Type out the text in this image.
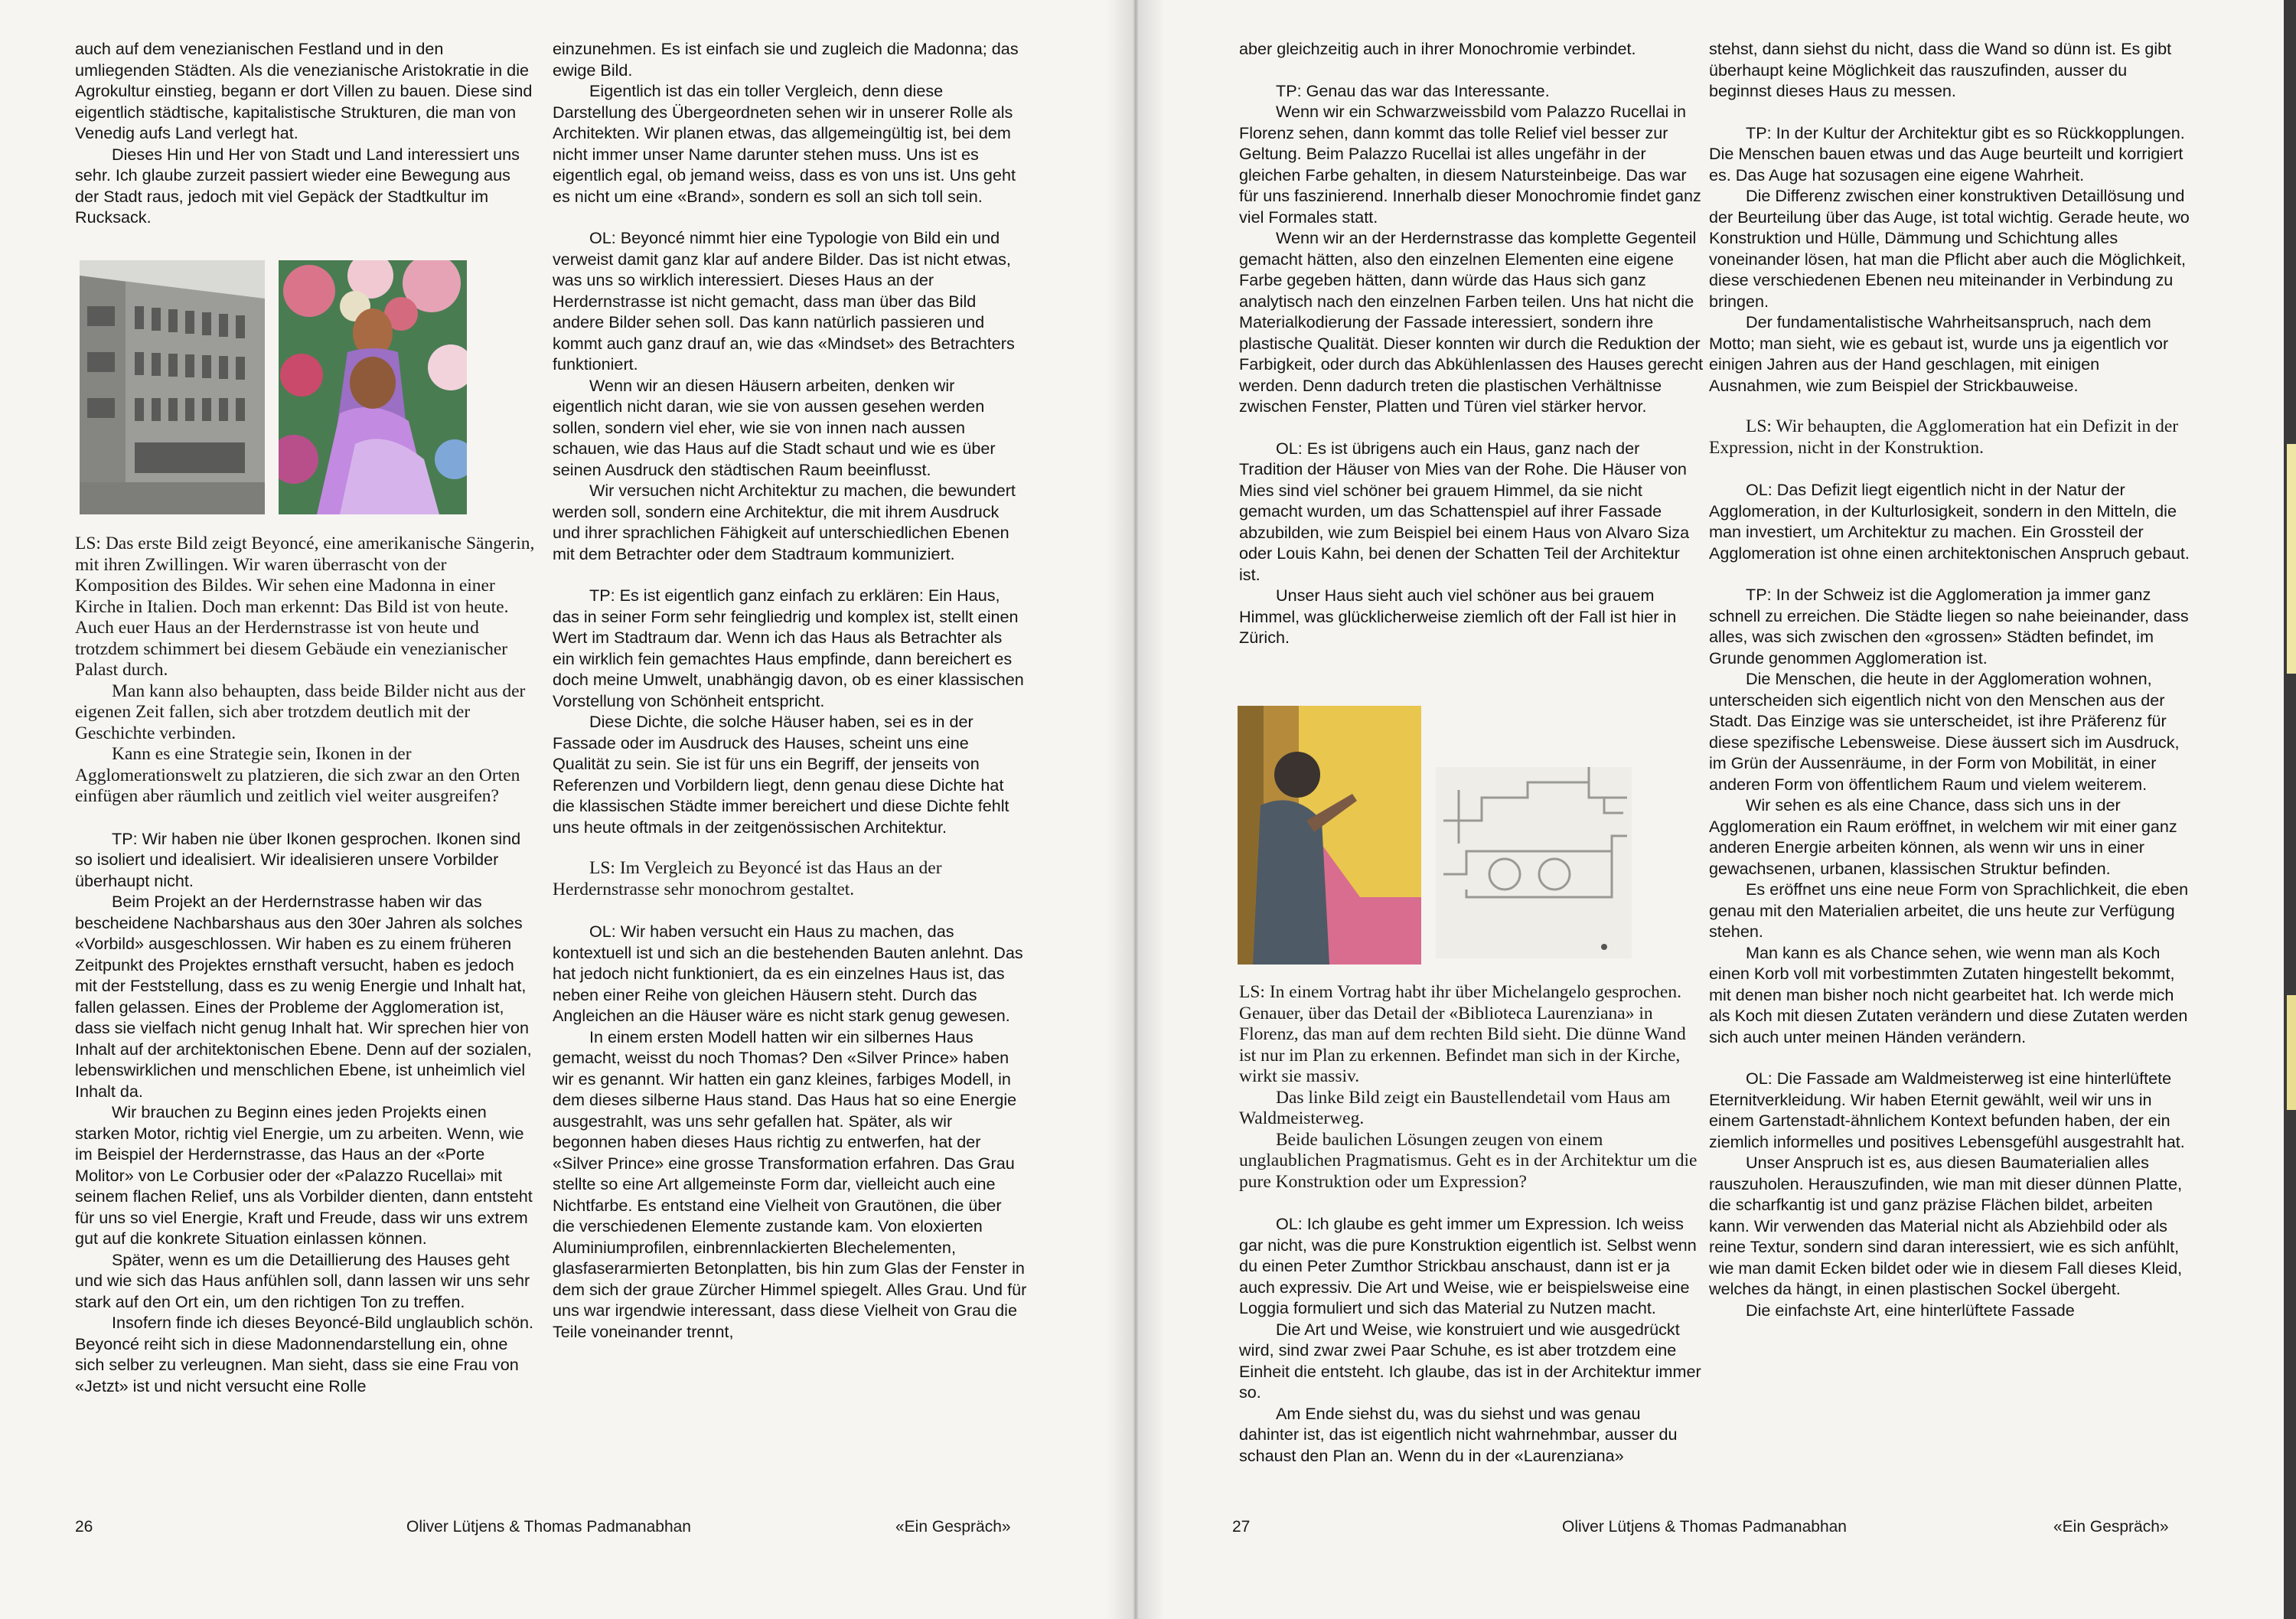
auch auf dem venezianischen Festland und in den umliegenden Städten. Als die venezianische Aristokratie in die Agrokultur einstieg, begann er dort Villen zu bauen. Diese sind eigentlich städtische, kapitalistische Strukturen, die man von Venedig aufs Land verlegt hat.

Dieses Hin und Her von Stadt und Land interessiert uns sehr. Ich glaube zurzeit passiert wieder eine Bewegung aus der Stadt raus, jedoch mit viel Gepäck der Stadtkultur im Rucksack.

LS: Das erste Bild zeigt Beyoncé, eine amerikanische Sängerin, mit ihren Zwillingen. Wir waren überrascht von der Komposition des Bildes. Wir sehen eine Madonna in einer Kirche in Italien. Doch man erkennt: Das Bild ist von heute. Auch euer Haus an der Herdernstrasse ist von heute und trotzdem schimmert bei diesem Gebäude ein venezianischer Palast durch.

Man kann also behaupten, dass beide Bilder nicht aus der eigenen Zeit fallen, sich aber trotzdem deutlich mit der Geschichte verbinden.

Kann es eine Strategie sein, Ikonen in der Agglomerationswelt zu platzieren, die sich zwar an den Orten einfügen aber räumlich und zeitlich viel weiter ausgreifen?

TP: Wir haben nie über Ikonen gesprochen. Ikonen sind so isoliert und idealisiert. Wir idealisieren unsere Vorbilder überhaupt nicht.

Beim Projekt an der Herdernstrasse haben wir das bescheidene Nachbarshaus aus den 30er Jahren als solches «Vorbild» ausgeschlossen. Wir haben es zu einem früheren Zeitpunkt des Projektes ernsthaft versucht, haben es jedoch mit der Feststellung, dass es zu wenig Energie und Inhalt hat, fallen gelassen. Eines der Probleme der Agglomeration ist, dass sie vielfach nicht genug Inhalt hat. Wir sprechen hier von Inhalt auf der architektonischen Ebene. Denn auf der sozialen, lebenswirklichen und menschlichen Ebene, ist unheimlich viel Inhalt da.

Wir brauchen zu Beginn eines jeden Projekts einen starken Motor, richtig viel Energie, um zu arbeiten. Wenn, wie im Beispiel der Herdernstrasse, das Haus an der «Porte Molitor» von Le Corbusier oder der «Palazzo Rucellai» mit seinem flachen Relief, uns als Vorbilder dienten, dann entsteht für uns so viel Energie, Kraft und Freude, dass wir uns extrem gut auf die konkrete Situation einlassen können.

Später, wenn es um die Detaillierung des Hauses geht und wie sich das Haus anfühlen soll, dann lassen wir uns sehr stark auf den Ort ein, um den richtigen Ton zu treffen.

Insofern finde ich dieses Beyoncé-Bild unglaublich schön. Beyoncé reiht sich in diese Madonnendarstellung ein, ohne sich selber zu verleugnen. Man sieht, dass sie eine Frau von «Jetzt» ist und nicht versucht eine Rolle

einzunehmen. Es ist einfach sie und zugleich die Madonna; das ewige Bild.

Eigentlich ist das ein toller Vergleich, denn diese Darstellung des Übergeordneten sehen wir in unserer Rolle als Architekten. Wir planen etwas, das allgemeingültig ist, bei dem nicht immer unser Name darunter stehen muss. Uns ist es eigentlich egal, ob jemand weiss, dass es von uns ist. Uns geht es nicht um eine «Brand», sondern es soll an sich toll sein.

OL: Beyoncé nimmt hier eine Typologie von Bild ein und verweist damit ganz klar auf andere Bilder. Das ist nicht etwas, was uns so wirklich interessiert. Dieses Haus an der Herdernstrasse ist nicht gemacht, dass man über das Bild andere Bilder sehen soll. Das kann natürlich passieren und kommt auch ganz drauf an, wie das «Mindset» des Betrachters funktioniert.

Wenn wir an diesen Häusern arbeiten, denken wir eigentlich nicht daran, wie sie von aussen gesehen werden sollen, sondern viel eher, wie sie von innen nach aussen schauen, wie das Haus auf die Stadt schaut und wie es über seinen Ausdruck den städtischen Raum beeinflusst.

Wir versuchen nicht Architektur zu machen, die bewundert werden soll, sondern eine Architektur, die mit ihrem Ausdruck und ihrer sprachlichen Fähigkeit auf unterschiedlichen Ebenen mit dem Betrachter oder dem Stadtraum kommuniziert.

TP: Es ist eigentlich ganz einfach zu erklären: Ein Haus, das in seiner Form sehr feingliedrig und komplex ist, stellt einen Wert im Stadtraum dar. Wenn ich das Haus als Betrachter als ein wirklich fein gemachtes Haus empfinde, dann bereichert es doch meine Umwelt, unabhängig davon, ob es einer klassischen Vorstellung von Schönheit entspricht.

Diese Dichte, die solche Häuser haben, sei es in der Fassade oder im Ausdruck des Hauses, scheint uns eine Qualität zu sein. Sie ist für uns ein Begriff, der jenseits von Referenzen und Vorbildern liegt, denn genau diese Dichte hat die klassischen Städte immer bereichert und diese Dichte fehlt uns heute oftmals in der zeitgenössischen Architektur.

LS: Im Vergleich zu Beyoncé ist das Haus an der Herdernstrasse sehr monochrom gestaltet.

OL: Wir haben versucht ein Haus zu machen, das kontextuell ist und sich an die bestehenden Bauten anlehnt. Das hat jedoch nicht funktioniert, da es ein einzelnes Haus ist, das neben einer Reihe von gleichen Häusern steht. Durch das Angleichen an die Häuser wäre es nicht stark genug gewesen.

In einem ersten Modell hatten wir ein silbernes Haus gemacht, weisst du noch Thomas? Den «Silver Prince» haben wir es genannt. Wir hatten ein ganz kleines, farbiges Modell, in dem dieses silberne Haus stand. Das Haus hat so eine Energie ausgestrahlt, was uns sehr gefallen hat. Später, als wir begonnen haben dieses Haus richtig zu entwerfen, hat der «Silver Prince» eine grosse Transformation erfahren. Das Grau stellte so eine Art allgemeinste Form dar, vielleicht auch eine Nichtfarbe. Es entstand eine Vielheit von Grautönen, die über die verschiedenen Elemente zustande kam. Von eloxierten Aluminiumprofilen, einbrennlackierten Blechelementen, glasfaserarmierten Betonplatten, bis hin zum Glas der Fenster in dem sich der graue Zürcher Himmel spiegelt. Alles Grau. Und für uns war irgendwie interessant, dass diese Vielheit von Grau die Teile voneinander trennt,

26	Oliver Lütjens & Thomas Padmanabhan	«Ein Gespräch»

aber gleichzeitig auch in ihrer Monochromie verbindet.

TP: Genau das war das Interessante.

Wenn wir ein Schwarzweissbild vom Palazzo Rucellai in Florenz sehen, dann kommt das tolle Relief viel besser zur Geltung. Beim Palazzo Rucellai ist alles ungefähr in der gleichen Farbe gehalten, in diesem Natursteinbeige. Das war für uns faszinierend. Innerhalb dieser Monochromie findet ganz viel Formales statt.

Wenn wir an der Herdernstrasse das komplette Gegenteil gemacht hätten, also den einzelnen Elementen eine eigene Farbe gegeben hätten, dann würde das Haus sich ganz analytisch nach den einzelnen Farben teilen. Uns hat nicht die Materialkodierung der Fassade interessiert, sondern ihre plastische Qualität. Dieser konnten wir durch die Reduktion der Farbigkeit, oder durch das Abkühlenlassen des Hauses gerecht werden. Denn dadurch treten die plastischen Verhältnisse zwischen Fenster, Platten und Türen viel stärker hervor.

OL: Es ist übrigens auch ein Haus, ganz nach der Tradition der Häuser von Mies van der Rohe. Die Häuser von Mies sind viel schöner bei grauem Himmel, da sie nicht gemacht wurden, um das Schattenspiel auf ihrer Fassade abzubilden, wie zum Beispiel bei einem Haus von Alvaro Siza oder Louis Kahn, bei denen der Schatten Teil der Architektur ist.

Unser Haus sieht auch viel schöner aus bei grauem Himmel, was glücklicherweise ziemlich oft der Fall ist hier in Zürich.

LS: In einem Vortrag habt ihr über Michelangelo gesprochen. Genauer, über das Detail der «Biblioteca Laurenziana» in Florenz, das man auf dem rechten Bild sieht. Die dünne Wand ist nur im Plan zu erkennen. Befindet man sich in der Kirche, wirkt sie massiv.

Das linke Bild zeigt ein Baustellendetail vom Haus am Waldmeisterweg.

Beide baulichen Lösungen zeugen von einem unglaublichen Pragmatismus. Geht es in der Architektur um die pure Konstruktion oder um Expression?

OL: Ich glaube es geht immer um Expression. Ich weiss gar nicht, was die pure Konstruktion eigentlich ist. Selbst wenn du einen Peter Zumthor Strickbau anschaust, dann ist er ja auch expressiv. Die Art und Weise, wie er beispielsweise eine Loggia formuliert und sich das Material zu Nutzen macht.

Die Art und Weise, wie konstruiert und wie ausgedrückt wird, sind zwar zwei Paar Schuhe, es ist aber trotzdem eine Einheit die entsteht. Ich glaube, das ist in der Architektur immer so.

Am Ende siehst du, was du siehst und was genau dahinter ist, das ist eigentlich nicht wahrnehmbar, ausser du schaust den Plan an. Wenn du in der «Laurenziana»

stehst, dann siehst du nicht, dass die Wand so dünn ist. Es gibt überhaupt keine Möglichkeit das rauszufinden, ausser du beginnst dieses Haus zu messen.

TP: In der Kultur der Architektur gibt es so Rückkopplungen. Die Menschen bauen etwas und das Auge beurteilt und korrigiert es. Das Auge hat sozusagen eine eigene Wahrheit.

Die Differenz zwischen einer konstruktiven Detaillösung und der Beurteilung über das Auge, ist total wichtig. Gerade heute, wo Konstruktion und Hülle, Dämmung und Schichtung alles voneinander lösen, hat man die Pflicht aber auch die Möglichkeit, diese verschiedenen Ebenen neu miteinander in Verbindung zu bringen.

Der fundamentalistische Wahrheitsanspruch, nach dem Motto; man sieht, wie es gebaut ist, wurde uns ja eigentlich vor einigen Jahren aus der Hand geschlagen, mit einigen Ausnahmen, wie zum Beispiel der Strickbauweise.

LS: Wir behaupten, die Agglomeration hat ein Defizit in der Expression, nicht in der Konstruktion.

OL: Das Defizit liegt eigentlich nicht in der Natur der Agglomeration, in der Kulturlosigkeit, sondern in den Mitteln, die man investiert, um Architektur zu machen. Ein Grossteil der Agglomeration ist ohne einen architektonischen Anspruch gebaut.

TP: In der Schweiz ist die Agglomeration ja immer ganz schnell zu erreichen. Die Städte liegen so nahe beieinander, dass alles, was sich zwischen den «grossen» Städten befindet, im Grunde genommen Agglomeration ist.

Die Menschen, die heute in der Agglomeration wohnen, unterscheiden sich eigentlich nicht von den Menschen aus der Stadt. Das Einzige was sie unterscheidet, ist ihre Präferenz für diese spezifische Lebensweise. Diese äussert sich im Ausdruck, im Grün der Aussenräume, in der Form von Mobilität, in einer anderen Form von öffentlichem Raum und vielem weiterem.

Wir sehen es als eine Chance, dass sich uns in der Agglomeration ein Raum eröffnet, in welchem wir mit einer ganz anderen Energie arbeiten können, als wenn wir uns in einer gewachsenen, urbanen, klassischen Struktur befinden.

Es eröffnet uns eine neue Form von Sprachlichkeit, die eben genau mit den Materialien arbeitet, die uns heute zur Verfügung stehen.

Man kann es als Chance sehen, wie wenn man als Koch einen Korb voll mit vorbestimmten Zutaten hingestellt bekommt, mit denen man bisher noch nicht gearbeitet hat. Ich werde mich als Koch mit diesen Zutaten verändern und diese Zutaten werden sich auch unter meinen Händen verändern.

OL: Die Fassade am Waldmeisterweg ist eine hinterlüftete Eternitverkleidung. Wir haben Eternit gewählt, weil wir uns in einem Gartenstadt-ähnlichem Kontext befunden haben, der ein ziemlich informelles und positives Lebensgefühl ausgestrahlt hat.

Unser Anspruch ist es, aus diesen Baumaterialien alles rauszuholen. Herauszufinden, wie man mit dieser dünnen Platte, die scharfkantig ist und ganz präzise Flächen bildet, arbeiten kann. Wir verwenden das Material nicht als Abziehbild oder als reine Textur, sondern sind daran interessiert, wie es sich anfühlt, wie man damit Ecken bildet oder wie in diesem Fall dieses Kleid, welches da hängt, in einen plastischen Sockel übergeht.

Die einfachste Art, eine hinterlüftete Fassade

27	Oliver Lütjens & Thomas Padmanabhan	«Ein Gespräch»
